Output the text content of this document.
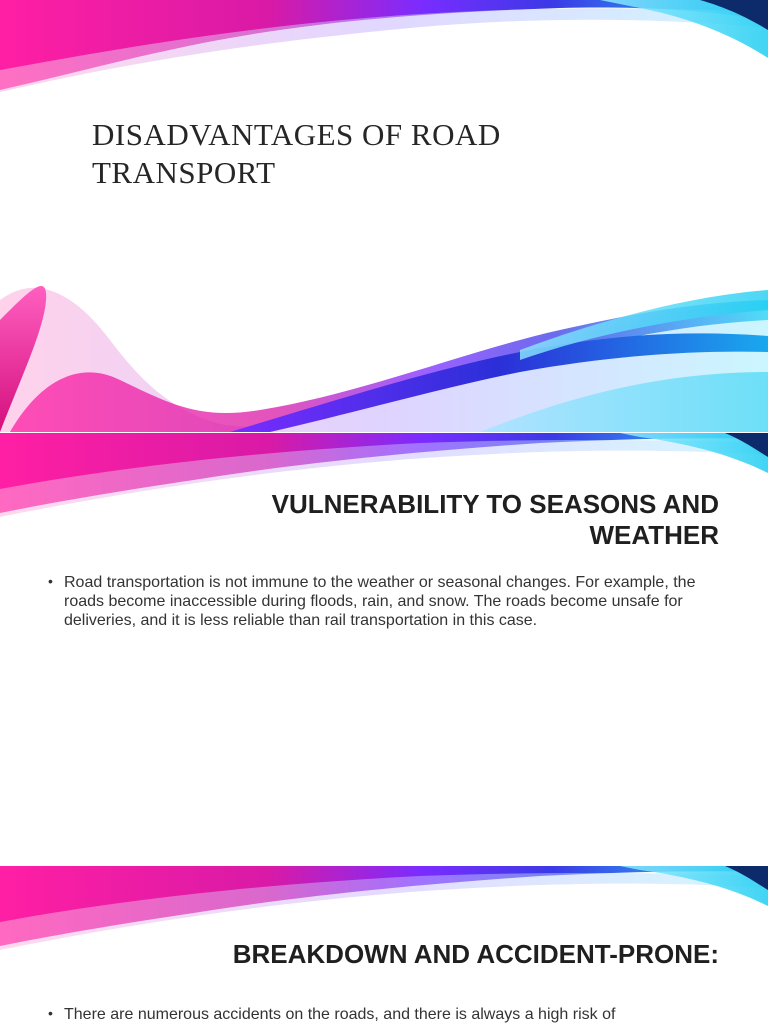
DISADVANTAGES OF ROAD TRANSPORT
VULNERABILITY TO SEASONS AND WEATHER
• Road transportation is not immune to the weather or seasonal changes. For example, the roads become inaccessible during floods, rain, and snow. The roads become unsafe for deliveries, and it is less reliable than rail transportation in this case.
BREAKDOWN AND ACCIDENT-PRONE:
• There are numerous accidents on the roads, and there is always a high risk of
